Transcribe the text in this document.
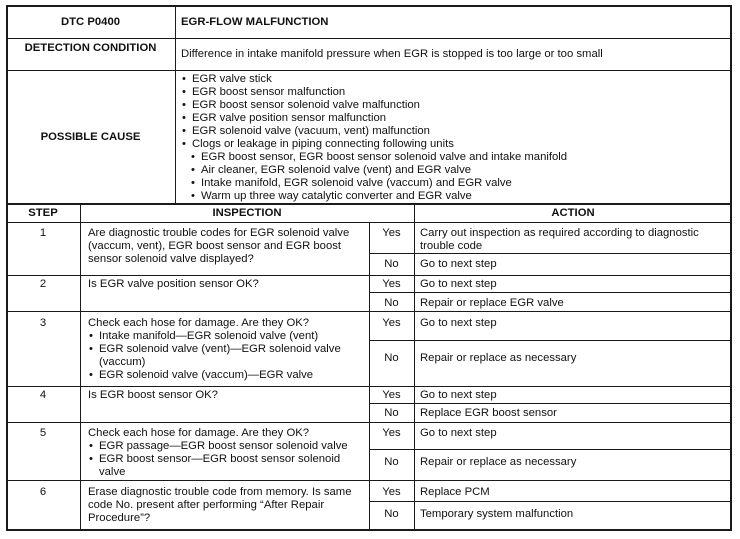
DTC P0400	EGR-FLOW MALFUNCTION
DETECTION CONDITION	Difference in intake manifold pressure when EGR is stopped is too large or too small
POSSIBLE CAUSE
• EGR valve stick
• EGR boost sensor malfunction
• EGR boost sensor solenoid valve malfunction
• EGR valve position sensor malfunction
• EGR solenoid valve (vacuum, vent) malfunction
• Clogs or leakage in piping connecting following units
• EGR boost sensor, EGR boost sensor solenoid valve and intake manifold
• Air cleaner, EGR solenoid valve (vent) and EGR valve
• Intake manifold, EGR solenoid valve (vaccum) and EGR valve
• Warm up three way catalytic converter and EGR valve
STEP	INSPECTION	ACTION
1	Are diagnostic trouble codes for EGR solenoid valve (vaccum, vent), EGR boost sensor and EGR boost sensor solenoid valve displayed?
Yes	Carry out inspection as required according to diagnostic trouble code
No	Go to next step
2	Is EGR valve position sensor OK?	Yes	Go to next step
No	Repair or replace EGR valve
3	Check each hose for damage. Are they OK?
• Intake manifold—EGR solenoid valve (vent)
• EGR solenoid valve (vent)—EGR solenoid valve (vaccum)
• EGR solenoid valve (vaccum)—EGR valve
Yes	Go to next step
No	Repair or replace as necessary
4	Is EGR boost sensor OK?	Yes	Go to next step
No	Replace EGR boost sensor
5	Check each hose for damage. Are they OK?
• EGR passage—EGR boost sensor solenoid valve
• EGR boost sensor—EGR boost sensor solenoid valve
Yes	Go to next step
No	Repair or replace as necessary
6	Erase diagnostic trouble code from memory. Is same code No. present after performing “After Repair Procedure”?
Yes	Replace PCM
No	Temporary system malfunction
